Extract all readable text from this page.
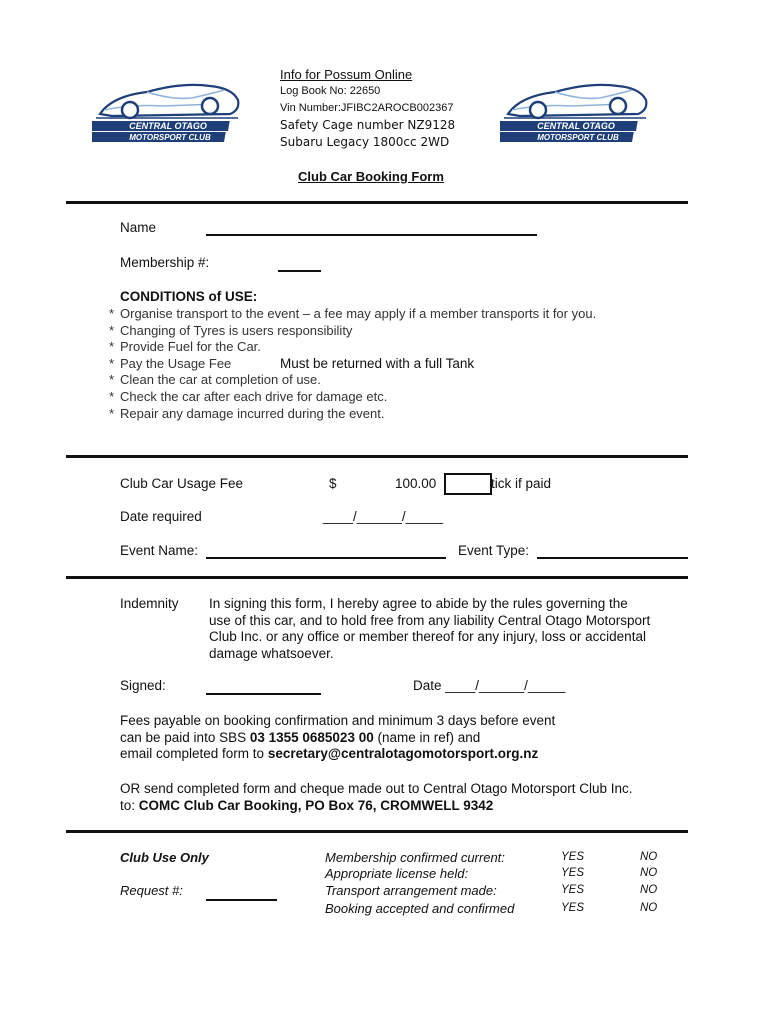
CENTRAL OTAGO
MOTORSPORT CLUB
CENTRAL OTAGO
MOTORSPORT CLUB
Info for Possum Online
Log Book No: 22650
Vin Number:JFIBC2AROCB002367
Safety Cage number NZ9128
Subaru Legacy 1800cc 2WD
Club Car Booking Form
Name
Membership #:
CONDITIONS of USE:
* Organise transport to the event – a fee may apply if a member transports it for you.
* Changing of Tyres is users responsibility
* Provide Fuel for the Car.
* Pay the Usage Fee
* Clean the car at completion of use.
* Check the car after each drive for damage etc.
* Repair any damage incurred during the event.
Must be returned with a full Tank
Club Car Usage Fee	$	100.00	tick if paid
Date required	____/______/_____
Event Name:	Event Type:
Indemnity In signing this form, I hereby agree to abide by the rules governing the
use of this car, and to hold free from any liability Central Otago Motorsport
Club Inc. or any office or member thereof for any injury, loss or accidental
damage whatsoever.
Signed:	Date ____/______/_____
Fees payable on booking confirmation and minimum 3 days before event
can be paid into SBS 03 1355 0685023 00 (name in ref) and
email completed form to secretary@centralotagomotorsport.org.nz
OR send completed form and cheque made out to Central Otago Motorsport Club Inc.
to: COMC Club Car Booking, PO Box 76, CROMWELL 9342
Club Use Only
Request #:
Membership confirmed current:	YES	NO
Appropriate license held:	YES	NO
Transport arrangement made:	YES	NO
Booking accepted and confirmed	YES	NO
